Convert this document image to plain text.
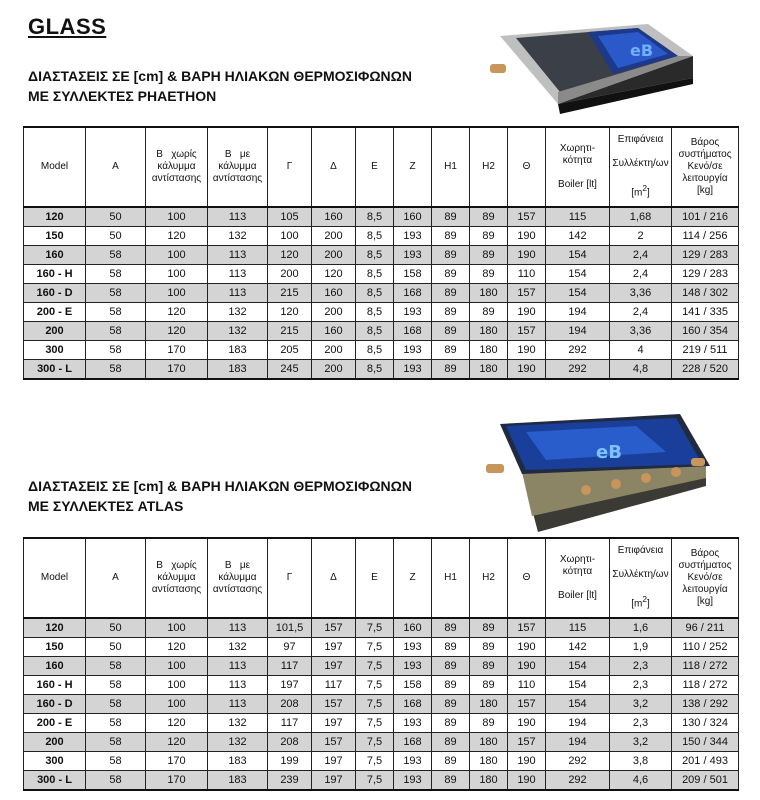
GLASS
ΔΙΑΣΤΑΣΕΙΣ ΣΕ [cm] & ΒΑΡΗ ΗΛΙΑΚΩΝ ΘΕΡΜΟΣΙΦΩΝΩΝ
ΜΕ ΣΥΛΛΕΚΤΕΣ PHAETHON
eB
Model	A	Β χωρίς
κάλυμμα
αντίστασης	Β με
κάλυμμα
αντίστασης	Γ	Δ	Ε	Ζ	Η1	Η2	Θ	Χωρητι-
κότητα

Boiler [lt]	Επιφάνεια

Συλλέκτη/ων

$[m^2]$	Βάρος
συστήματος
Κενό/σε
λειτουργία
[kg]
120	50	100	113	105	160	8,5	160	89	89	157	115	1,68	101 / 216
150	50	120	132	100	200	8,5	193	89	89	190	142	2	114 / 256
160	58	100	113	120	200	8,5	193	89	89	190	154	2,4	129 / 283
160 - H	58	100	113	200	120	8,5	158	89	89	110	154	2,4	129 / 283
160 - D	58	100	113	215	160	8,5	168	89	180	157	154	3,36	148 / 302
200 - E	58	120	132	120	200	8,5	193	89	89	190	194	2,4	141 / 335
200	58	120	132	215	160	8,5	168	89	180	157	194	3,36	160 / 354
300	58	170	183	205	200	8,5	193	89	180	190	292	4	219 / 511
300 - L	58	170	183	245	200	8,5	193	89	180	190	292	4,8	228 / 520
eB
ΔΙΑΣΤΑΣΕΙΣ ΣΕ [cm] & ΒΑΡΗ ΗΛΙΑΚΩΝ ΘΕΡΜΟΣΙΦΩΝΩΝ
ΜΕ ΣΥΛΛΕΚΤΕΣ ATLAS
Model	A	Β χωρίς
κάλυμμα
αντίστασης	Β με
κάλυμμα
αντίστασης	Γ	Δ	Ε	Ζ	Η1	Η2	Θ	Χωρητι-
κότητα

Boiler [lt]	Επιφάνεια

Συλλέκτη/ων

$[m^2]$	Βάρος
συστήματος
Κενό/σε
λειτουργία
[kg]
120	50	100	113	101,5	157	7,5	160	89	89	157	115	1,6	96 / 211
150	50	120	132	97	197	7,5	193	89	89	190	142	1,9	110 / 252
160	58	100	113	117	197	7,5	193	89	89	190	154	2,3	118 / 272
160 - H	58	100	113	197	117	7,5	158	89	89	110	154	2,3	118 / 272
160 - D	58	100	113	208	157	7,5	168	89	180	157	154	3,2	138 / 292
200 - E	58	120	132	117	197	7,5	193	89	89	190	194	2,3	130 / 324
200	58	120	132	208	157	7,5	168	89	180	157	194	3,2	150 / 344
300	58	170	183	199	197	7,5	193	89	180	190	292	3,8	201 / 493
300 - L	58	170	183	239	197	7,5	193	89	180	190	292	4,6	209 / 501
